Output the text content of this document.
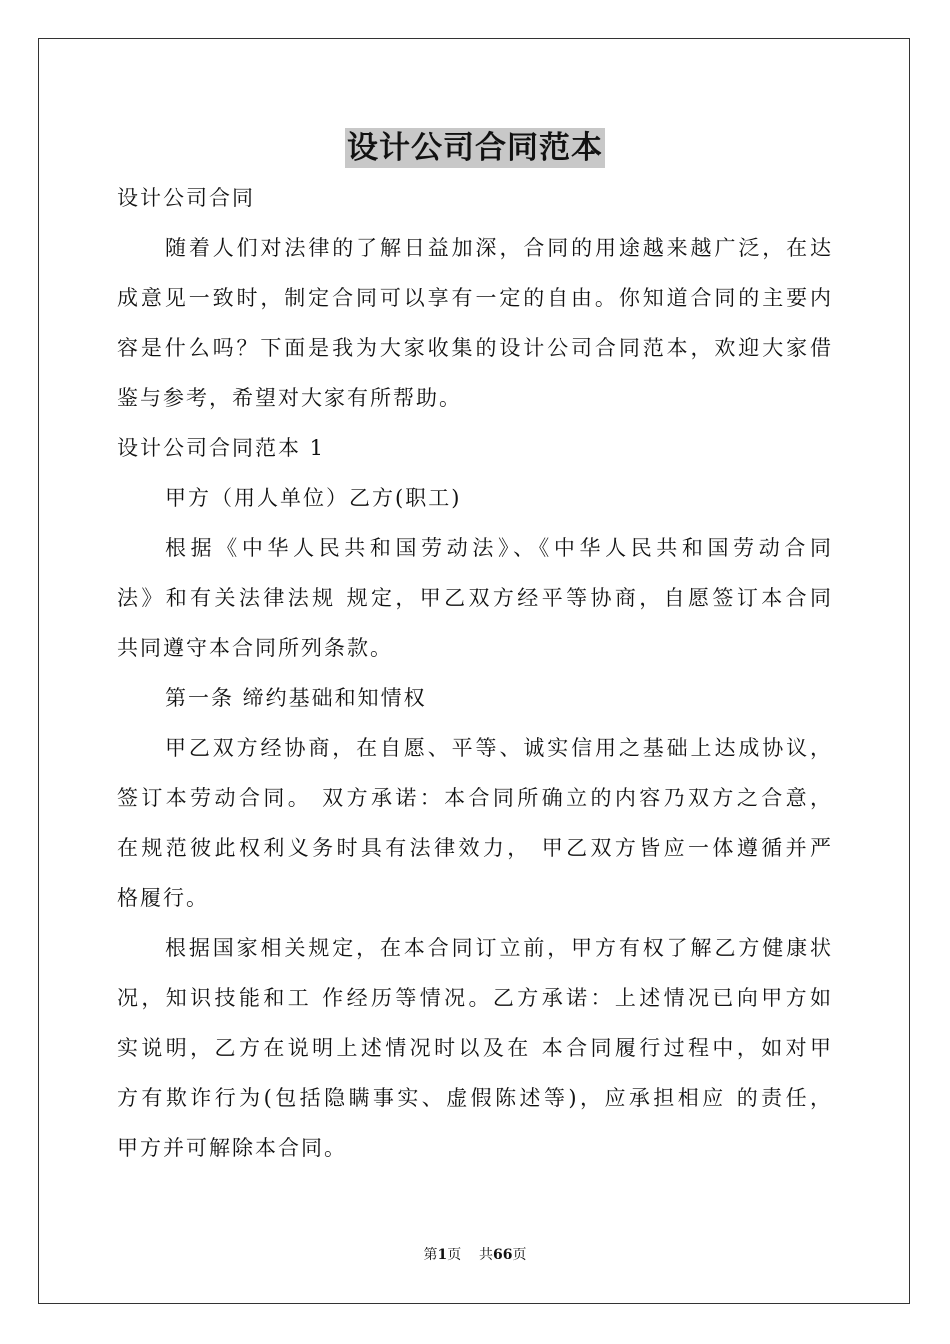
设计公司合同范本
设计公司合同
随着人们对法律的了解日益加深，合同的用途越来越广泛，在达
成意见一致时，制定合同可以享有一定的自由。你知道合同的主要内
容是什么吗？下面是我为大家收集的设计公司合同范本，欢迎大家借
鉴与参考，希望对大家有所帮助。
设计公司合同范本 1
甲方（用人单位）乙方(职工)
根据《中华人民共和国劳动法》、《中华人民共和国劳动合同
法》和有关法律法规 规定，甲乙双方经平等协商，自愿签订本合同
共同遵守本合同所列条款。
第一条 缔约基础和知情权
甲乙双方经协商，在自愿、平等、诚实信用之基础上达成协议，
签订本劳动合同。 双方承诺：本合同所确立的内容乃双方之合意，
在规范彼此权利义务时具有法律效力， 甲乙双方皆应一体遵循并严
格履行。
根据国家相关规定，在本合同订立前，甲方有权了解乙方健康状
况，知识技能和工 作经历等情况。乙方承诺：上述情况已向甲方如
实说明，乙方在说明上述情况时以及在 本合同履行过程中，如对甲
方有欺诈行为(包括隐瞒事实、虚假陈述等)，应承担相应 的责任，
甲方并可解除本合同。
第1页 共66页
